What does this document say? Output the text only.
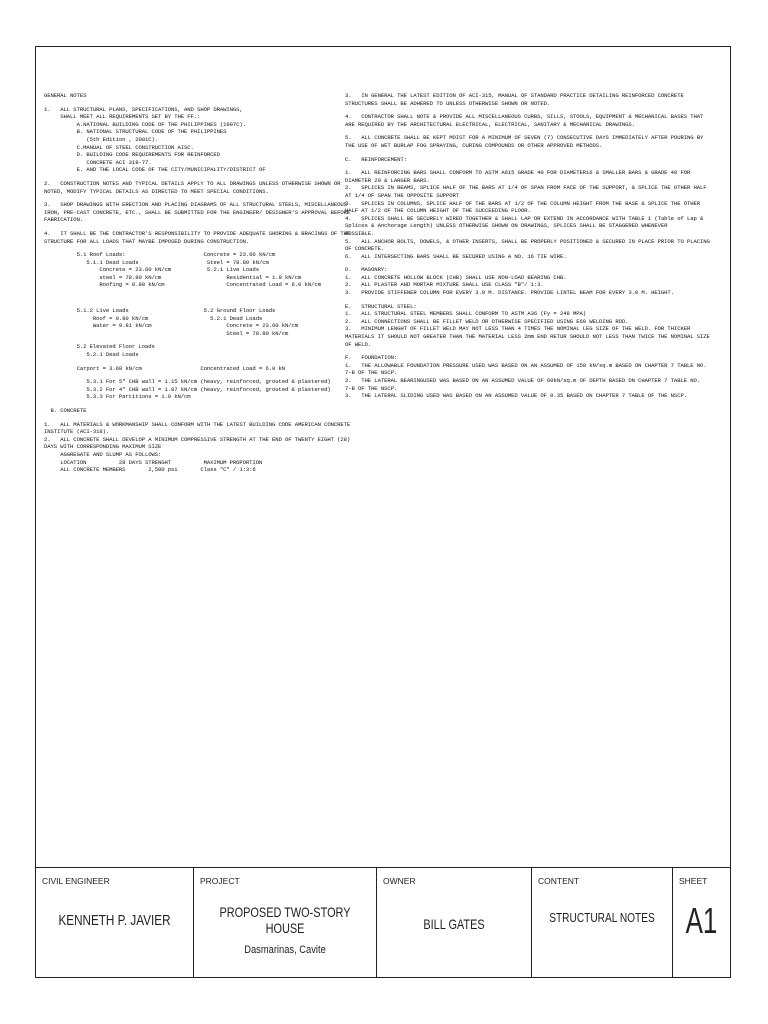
CIVIL ENGINEER
KENNETH P. JAVIER
PROJECT
PROPOSED TWO-STORY HOUSE
Dasmarinas, Cavite
OWNER
BILL GATES
CONTENT
STRUCTURAL NOTES
SHEET
A1
GENERAL NOTES
1.   ALL STRUCTURAL PLANS, SPECIFICATIONS, AND SHOP DRAWINGS,
SHALL MEET ALL REQUIREMENTS SET BY THE FF.:
A.NATIONAL BUILDING CODE OF THE PHILIPPINES (1997C).
B. NATIONAL STRUCTURAL CODE OF THE PHILIPPINES
(5th Edition , 2001C).
C.MANUAL OF STEEL CONSTRUCTION AISC.
D. BUILDING CODE REQUIREMENTS FOR REINFORCED
CONCRETE ACI 318-77.
E. AND THE LOCAL CODE OF THE CITY/MUNICIPALITY/DISTRICT OF
2.   CONSTRUCTION NOTES AND TYPICAL DETAILS APPLY TO ALL DRAWINGS UNLESS OTHERWISE SHOWN OR
NOTED, MODIFY TYPICAL DETAILS AS DIRECTED TO MEET SPECIAL CONDITIONS.
3.   SHOP DRAWINGS WITH ERECTION AND PLACING DIAGRAMS OF ALL STRUCTURAL STEELS, MISCELLANEOUS
IRON, PRE-CAST CONCRETE, ETC., SHALL BE SUBMITTED FOR THE ENGINEER/ DESIGNER'S APPROVAL BEFORE
FABRICATION.
4.   IT SHALL BE THE CONTRACTOR'S RESPONSIBILITY TO PROVIDE ADEQUATE SHORING & BRACINGS OF THE
STRUCTURE FOR ALL LOADS THAT MAYBE IMPOSED DURING CONSTRUCTION.
5.1 Roof Loads:                        Concrete = 23.60 kN/cm
5.1.1 Dead Loads                     Steel = 78.80 kN/cm
Concrete = 23.60 kN/cm           5.2.1 Live Loads
steel = 78.80 kN/cm                    Residential = 1.9 kN/cm
Roofing = 0.88 kN/cm                   Concentrated Load = 6.0 kN/cm
5.1.2 Live Loads                       5.2 Ground Floor Loads
Roof = 0.80 kN/cm                   5.2.1 Dead Loads
Water = 9.81 kN/cm                       Concrete = 23.60 kN/cm
Steel = 78.80 kN/cm
5.2 Elevated Floor Loads
5.2.1 Dead Loads
Carport = 3.60 kN/cm                  Concentrated Load = 6.0 kN
5.3.1 For 5" CHB wall = 1.15 kN/cm (heavy, reinforced, grouted & plastered)
5.3.2 For 4" CHB wall = 1.87 kN/cm (heavy, reinforced, grouted & plastered)
5.3.3 For Partitions = 1.0 kN/cm
B. CONCRETE
1.   ALL MATERIALS & WORKMANSHIP SHALL CONFORM WITH THE LATEST BUILDING CODE AMERICAN CONCRETE
INSTITUTE (ACI-318).
2.   ALL CONCRETE SHALL DEVELOP A MINIMUM COMPRESSIVE STRENGTH AT THE END OF TWENTY EIGHT (28)
DAYS WITH CORRESPONDING MAXIMUM SIZE
AGGREGATE AND SLUMP AS FOLLOWS:
LOCATION          28 DAYS STRENGHT          MAXIMUM PROPORTION
ALL CONCRETE MEMBERS       2,500 psi       Class "C" / 1:3:6
3.   IN GENERAL THE LATEST EDITION OF ACI-315, MANUAL OF STANDARD PRACTICE DETAILING REINFORCED CONCRETE
STRUCTURES SHALL BE ADHERED TO UNLESS OTHERWISE SHOWN OR NOTED.
4.   CONTRACTOR SHALL NOTE & PROVIDE ALL MISCELLANEOUS CURBS, SILLS, STOOLS, EQUIPMENT & MECHANICAL BASES THAT
ARE REQUIRED BY THE ARCHITECTURAL ELECTRICAL, ELECTRICAL, SANITARY & MECHANICAL DRAWINGS.
5.   ALL CONCRETE SHALL BE KEPT MOIST FOR A MINIMUM OF SEVEN (7) CONSECUTIVE DAYS IMMEDIATELY AFTER POURING BY
THE USE OF WET BURLAP FOG SPRAYING, CURING COMPOUNDS OR OTHER APPROVED METHODS.
C.   REINFORCEMENT:
1.   ALL REINFORCING BARS SHALL CONFORM TO ASTM A615 GRADE 40 FOR DIAMETER16 & SMALLER BARS & GRADE 40 FOR
DIAMETER 20 & LARGER BARS.
2.   SPLICES IN BEAMS, SPLICE HALF OF THE BARS AT 1/4 OF SPAN FROM FACE OF THE SUPPORT, & SPLICE THE OTHER HALF
AT 1/4 OF SPAN THE OPPOSITE SUPPORT
3.   SPLICES IN COLUMNS, SPLICE HALF OF THE BARS AT 1/2 OF THE COLUMN HEIGHT FROM THE BASE & SPLICE THE OTHER
HALF AT 1/2 OF THE COLUMN HEIGHT OF THE SUCCEEDING FLOOR.
4.   SPLICES SHALL BE SECURELY WIRED TOGETHER & SHALL LAP OR EXTEND IN ACCORDANCE WITH TABLE 1 (Table of Lap &
Splices & Anchorage Length) UNLESS OTHERWISE SHOWN ON DRAWINGS, SPLICES SHALL BE STAGGERED WHENEVER
POSSIBLE.
5.   ALL ANCHOR BOLTS, DOWELS, & OTHER INSERTS, SHALL BE PROPERLY POSITIONED & SECURED IN PLACE PRIOR TO PLACING
OF CONCRETE.
6.   ALL INTERSECTING BARS SHALL BE SECURED USING A NO. 16 TIE WIRE.
D.   MASONRY:
1.   ALL CONCRETE HOLLOW BLOCK (CHB) SHALL USE NON-LOAD BEARING CHB.
2.   ALL PLASTER AND MORTAR MIXTURE SHALL USE CLASS "B"/ 1:3.
3.   PROVIDE STIFFENER COLUMN FOR EVERY 3.0 M. DISTANCE. PROVIDE LINTEL BEAM FOR EVERY 3.0 M. HEIGHT.
E.   STRUCTURAL STEEL:
1.   ALL STRUCTURAL STEEL MEMBERS SHALL CONFORM TO ASTM A36 (Fy = 248 MPA)
2.   ALL CONNECTIONS SHALL BE FILLET WELD OR OTHERWISE SPECIFIED USING E60 WELDING ROD.
3.   MINIMUM LENGHT OF FILLET WELD MAY NOT LESS THAN 4 TIMES THE NOMINAL LEG SIZE OF THE WELD. FOR THICKER
MATERIALS IT SHOULD NOT GREATER THAN THE MATERIAL LESS 2mm END RETUR SHOULD NOT LESS THAN TWICE THE NOMINAL SIZE
OF WELD.
F.   FOUNDATION:
1.   THE ALLOWABLE FOUNDATION PRESSURE USED WAS BASED ON AN ASSUMED OF 150 kN/sq.m BASED ON CHAPTER 7 TABLE NO.
7-B OF THE NSCP.
2.   THE LATERAL BEARINGUSED WAS BASED ON AN ASSUMED VALUE OF 60kN/sq.m OF DEPTH BASED ON CHAPTER 7 TABLE NO.
7-B OF THE NSCP.
3.   THE LATERAL SLIDING USED WAS BASED ON AN ASSUMED VALUE OF 0.35 BASED ON CHAPTER 7 TABLE OF THE NSCP.
